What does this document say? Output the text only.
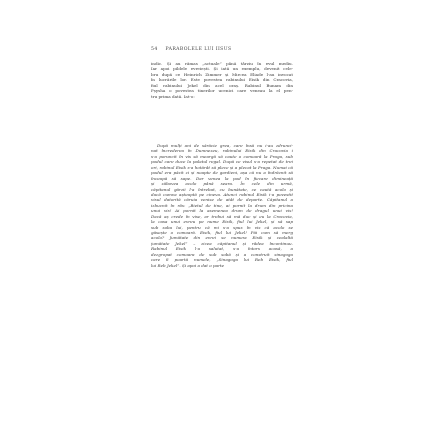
54 PARABOLELE LUI IISUS
indic. Și au rămas „actuale” până târziu în evul mediu.
Iar apoi pildele evreiești. Și iată un exemplu, devenit cele-
bru după ce Heinrich Zimmer și Mircea Eliade l-au invocat
în lucrările lor. Este povestea rabinului Eisik din Cracovia,
fiul rabinului Jekel din acel oraș. Rabinul Bunam din
Pșysha o povestea tinerilor ucenici care veneau la el pen-
tru prima dată. Iat-o:
După mulți ani de sărăcie grea, care însă nu i-au zdrunci-
nat încrederea în Dumnezeu, rabinului Eisik din Cracovia i
s-a poruncit în vis să meargă să caute o comoară la Praga, sub
podul care duce la palatul regal. După ce visul s-a repetat de trei
ori, rabinul Eisik s-a hotărât să plece și a plecat la Praga. Numai că
podul era păzit zi și noapte de gardieni, așa că nu a îndrăznit să
înceapă să sape. Dar venea la pod în fiecare dimineață
și zăbovea acolo până seara. În cele din urmă,
căpitanul gărzii l-a întrebat, cu bunătate, ce caută acolo și
dacă cumva așteaptă pe cineva. Atunci rabinul Eisik i-a povestit
visul datorită căruia venise de atât de departe. Căpitanul a
izbucnit în râs: „Bietul de tine, ai pornit la drum din pricina
unui vis! Ai pornit la asemenea drum de dragul unui vis!
Dacă aș crede în vise, ar trebui să mă duc și eu la Cracovia,
la casa unui evreu pe nume Eisik, fiul lui Jekel, și să sap
sub soba lui, pentru că mi s-a spus în vis că acolo se
găsește o comoară. Eisik, fiul lui Jekel! Păi cum să merg
acolo? Jumătate din evrei se numesc Eisik și cealaltă
jumătate Jekel” – zicea căpitanul și râdea încontinuu.
Rabinul Eisik l-a salutat, s-a întors acasă, a
dezgropat comoara de sub sobă și a construit sinagoga
care îi poartă numele, „Sinagoga lui Reb Eisik, fiul
lui Reb Jekel”. Și apoi a dat o parte
